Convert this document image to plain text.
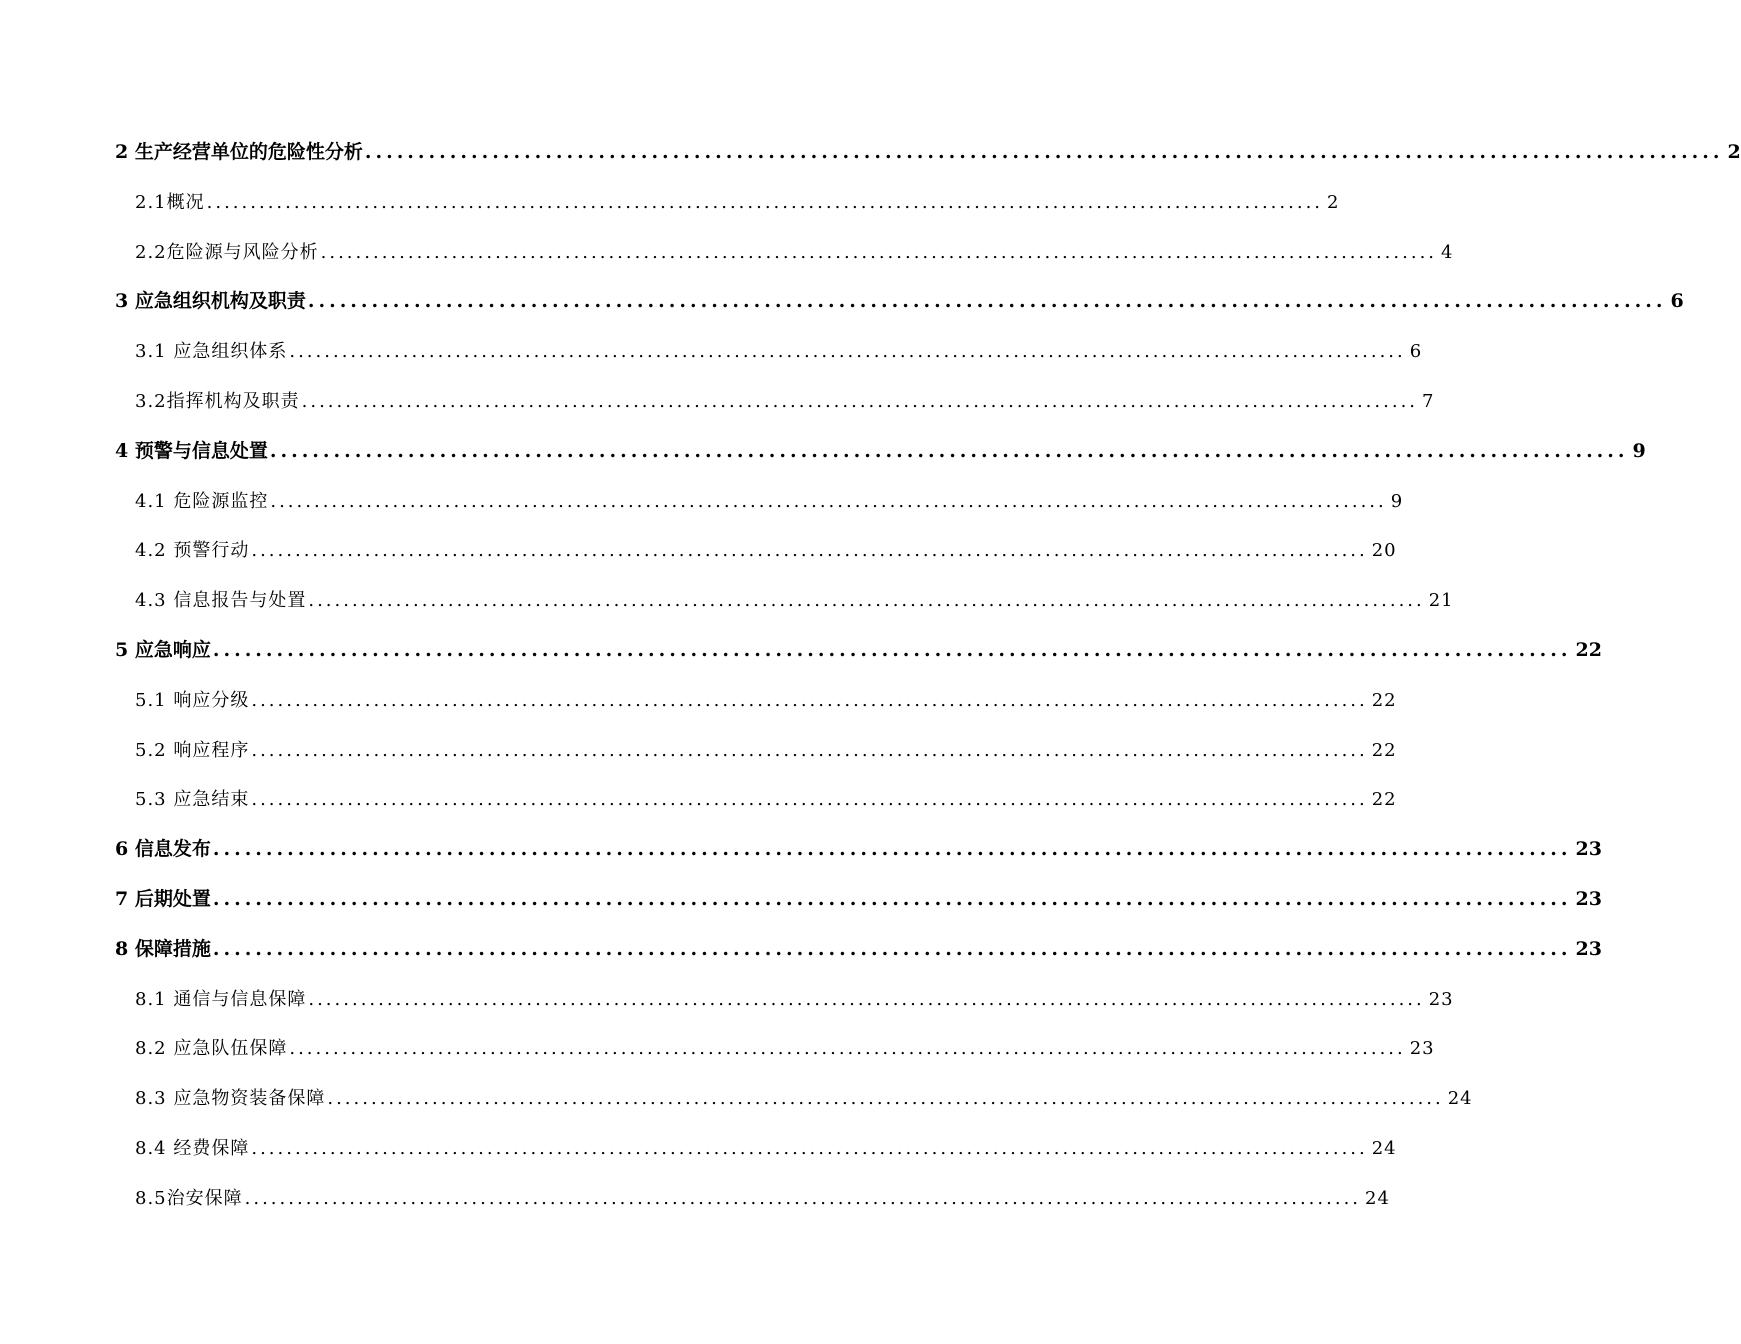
2 生产经营单位的危险性分析 ................................................................................................................................ 2
2.1概况 ................................................................................................................................ 2
2.2危险源与风险分析 ................................................................................................................................ 4
3 应急组织机构及职责 ................................................................................................................................ 6
3.1 应急组织体系 ................................................................................................................................ 6
3.2指挥机构及职责 ................................................................................................................................ 7
4 预警与信息处置 ................................................................................................................................ 9
4.1 危险源监控 ................................................................................................................................ 9
4.2 预警行动 ................................................................................................................................ 20
4.3 信息报告与处置 ................................................................................................................................ 21
5 应急响应 ................................................................................................................................ 22
5.1 响应分级 ................................................................................................................................ 22
5.2 响应程序 ................................................................................................................................ 22
5.3 应急结束 ................................................................................................................................ 22
6 信息发布 ................................................................................................................................ 23
7 后期处置 ................................................................................................................................ 23
8 保障措施 ................................................................................................................................ 23
8.1 通信与信息保障 ................................................................................................................................ 23
8.2 应急队伍保障 ................................................................................................................................ 23
8.3 应急物资装备保障 ................................................................................................................................ 24
8.4 经费保障 ................................................................................................................................ 24
8.5治安保障 ................................................................................................................................ 24
